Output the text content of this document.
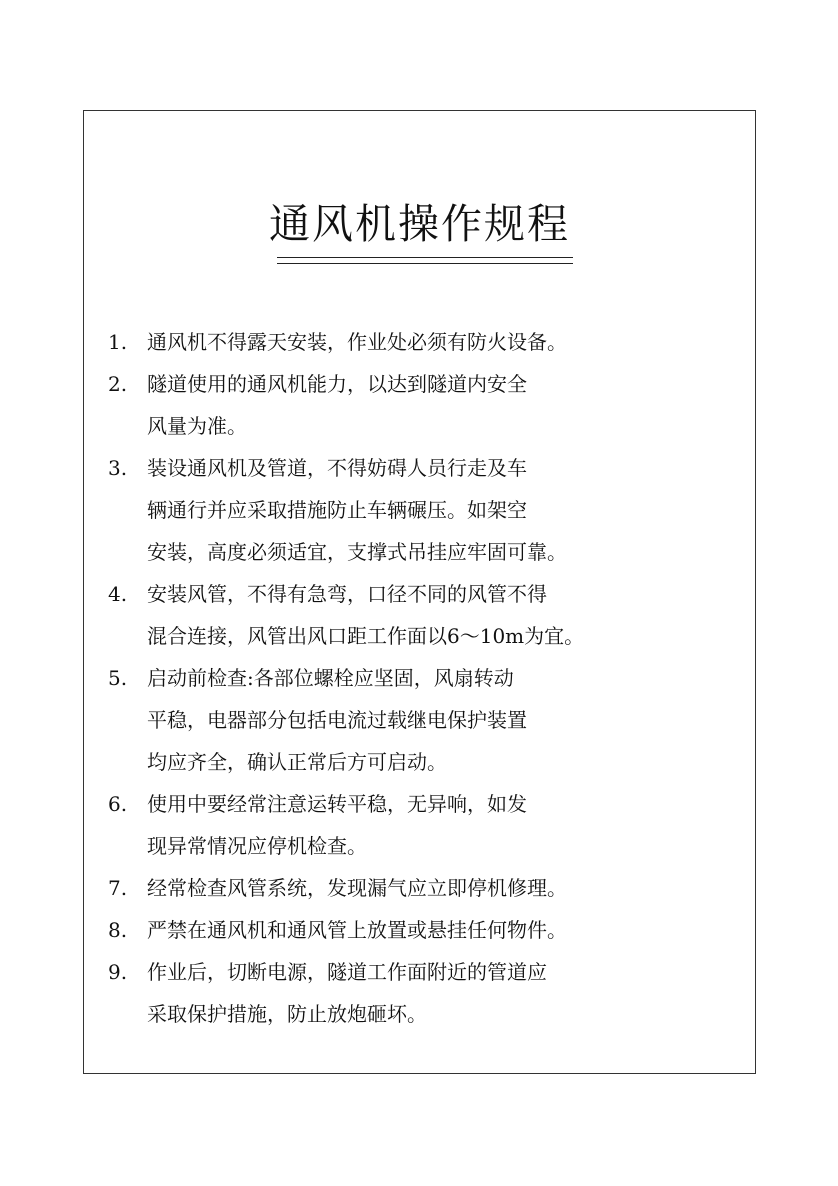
通风机操作规程
1. 通风机不得露天安装，作业处必须有防火设备。
2. 隧道使用的通风机能力，以达到隧道内安全
风量为准。
3. 装设通风机及管道，不得妨碍人员行走及车
辆通行并应采取措施防止车辆碾压。如架空
安装，高度必须适宜，支撑式吊挂应牢固可靠。
4. 安装风管，不得有急弯，口径不同的风管不得
混合连接，风管出风口距工作面以6～10m为宜。
5. 启动前检查:各部位螺栓应坚固，风扇转动
平稳，电器部分包括电流过载继电保护装置
均应齐全，确认正常后方可启动。
6. 使用中要经常注意运转平稳，无异响，如发
现异常情况应停机检查。
7. 经常检查风管系统，发现漏气应立即停机修理。
8. 严禁在通风机和通风管上放置或悬挂任何物件。
9. 作业后，切断电源，隧道工作面附近的管道应
采取保护措施，防止放炮砸坏。
